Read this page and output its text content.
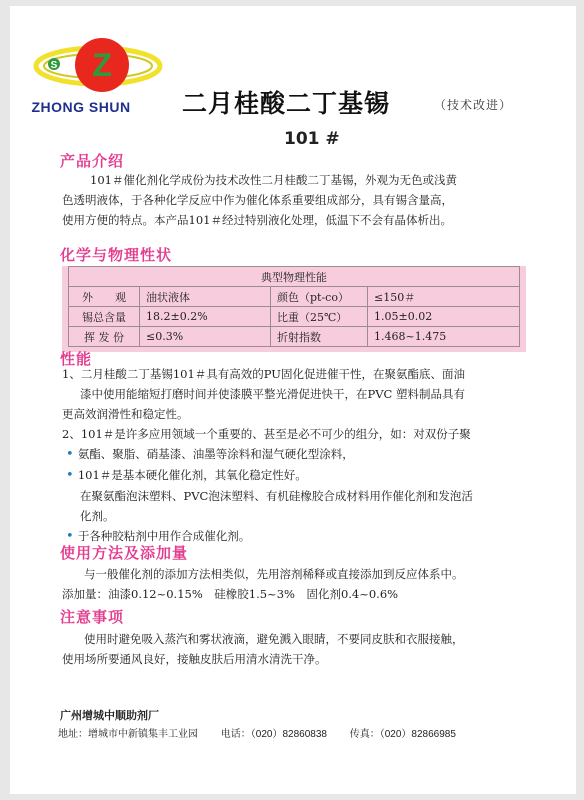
Z
S
ZHONG SHUN	二月桂酸二丁基锡	（技术改进）
101 #
产品介绍
101＃催化剂化学成份为技术改性二月桂酸二丁基锡，外观为无色或浅黄
色透明液体，于各种化学反应中作为催化体系重要组成部分，具有锡含量高，
使用方便的特点。本产品101＃经过特别液化处理，低温下不会有晶体析出。
化学与物理性状
典型物理性能			
外　　观	油状液体	颜色（pt-co）	≤150＃
锡总含量	18.2±0.2%	比重（25℃）	1.05±0.02
挥 发 份	≤0.3%	折射指数	1.468~1.475
性能
1、二月桂酸二丁基锡101＃具有高效的PU固化促进催干性，在聚氨酯底、面油
漆中使用能缩短打磨时间并使漆膜平整光滑促进快干，在PVC 塑料制品具有
更高效润滑性和稳定性。
2、101＃是许多应用领域一个重要的、甚至是必不可少的组分，如：对双份子聚
• 氨酯、聚脂、硝基漆、油墨等涂料和湿气硬化型涂料，
• 101＃是基本硬化催化剂，其氧化稳定性好。
在聚氨酯泡沫塑料、PVC泡沫塑料、有机硅橡胶合成材料用作催化剂和发泡活
化剂。
• 于各种胶粘剂中用作合成催化剂。
使用方法及添加量
与一般催化剂的添加方法相类似，先用溶剂稀释或直接添加到反应体系中。
添加量：油漆0.12~0.15%　硅橡胶1.5~3%　固化剂0.4~0.6%
注意事项
使用时避免吸入蒸汽和雾状液滴，避免溅入眼睛，不要同皮肤和衣服接触，
使用场所要通风良好，接触皮肤后用清水清洗干净。
广州增城中顺助剂厂
地址：增城市中新镇集丰工业园 电话：（020）82860838 传真：（020）82866985
